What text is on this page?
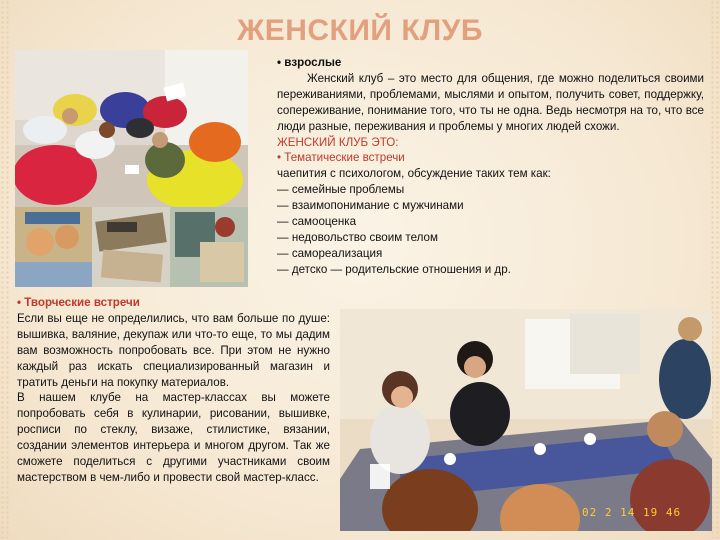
ЖЕНСКИЙ КЛУБ
02 2 14 19 46

• взрослые

Женский клуб – это место для общения, где можно поделиться своими переживаниями, проблемами, мыслями и опытом, получить совет, поддержку, сопереживание, понимание того, что ты не одна. Ведь несмотря на то, что все люди разные, переживания и проблемы у многих людей схожи.

ЖЕНСКИЙ КЛУБ ЭТО:

• Тематические встречи

чаепития с психологом, обсуждение таких тем как:

— семейные проблемы

— взаимопонимание с мужчинами

— самооценка

— недовольство своим телом

— самореализация

— детско — родительские отношения и др.

• Творческие встречи

Если вы еще не определились, что вам больше по душе: вышивка, валяние, декупаж или что-то еще, то мы дадим вам возможность попробовать все. При этом не нужно каждый раз искать специализированный магазин и тратить деньги на покупку материалов.

В нашем клубе на мастер-классах вы можете попробовать себя в кулинарии, рисовании, вышивке, росписи по стеклу, визаже, стилистике, вязании, создании элементов интерьера и многом другом. Так же сможете поделиться с другими участниками своим мастерством в чем-либо и провести свой мастер-класс.
